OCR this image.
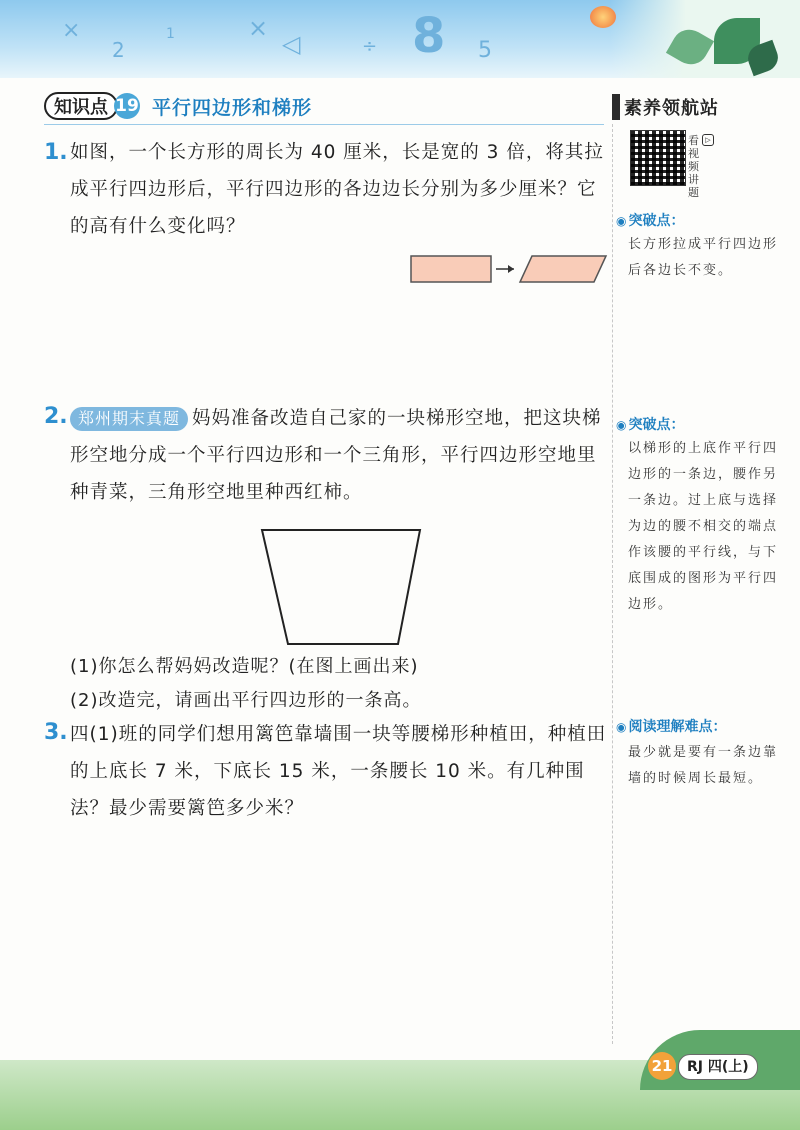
×
2
1	×
◁	÷ 8 5
知识点 19 平行四边形和梯形	素养领航站
看视频讲题
▷
◉ 突破点：
长方形拉成平行四边形后各边长不变。
◉ 突破点：
以梯形的上底作平行四边形的一条边，腰作另一条边。过上底与选择为边的腰不相交的端点作该腰的平行线，与下底围成的图形为平行四边形。
◉ 阅读理解难点：
最少就是要有一条边靠墙的时候周长最短。
1. 如图，一个长方形的周长为 40 厘米，长是宽的 3 倍，将其拉成平行四边形后，平行四边形的各边边长分别为多少厘米？它的高有什么变化吗？
2. 郑州期末真题 妈妈准备改造自己家的一块梯形空地，把这块梯形空地分成一个平行四边形和一个三角形，平行四边形空地里种青菜，三角形空地里种西红柿。
(1)你怎么帮妈妈改造呢？(在图上画出来)
(2)改造完，请画出平行四边形的一条高。
3. 四(1)班的同学们想用篱笆靠墙围一块等腰梯形种植田，种植田的上底长 7 米，下底长 15 米，一条腰长 10 米。有几种围法？最少需要篱笆多少米？
21	RJ 四(上)
